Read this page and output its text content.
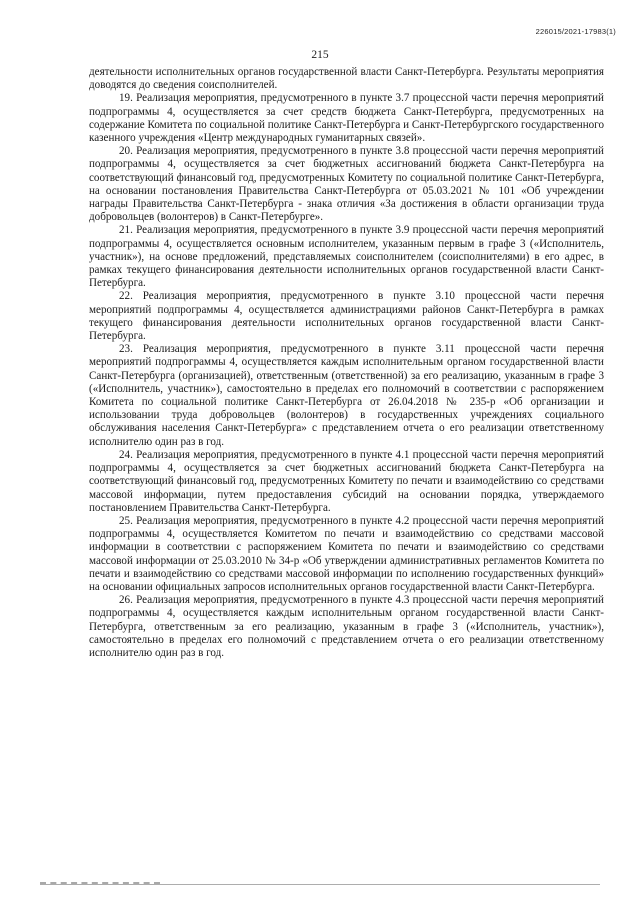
226015/2021-17983(1)
215

деятельности исполнительных органов государственной власти Санкт-Петербурга. Результаты мероприятия доводятся до сведения соисполнителей.

19. Реализация мероприятия, предусмотренного в пункте 3.7 процессной части перечня мероприятий подпрограммы 4, осуществляется за счет средств бюджета Санкт-Петербурга, предусмотренных на содержание Комитета по социальной политике Санкт-Петербурга и Санкт-Петербургского государственного казенного учреждения «Центр международных гуманитарных связей».

20. Реализация мероприятия, предусмотренного в пункте 3.8 процессной части перечня мероприятий подпрограммы 4, осуществляется за счет бюджетных ассигнований бюджета Санкт-Петербурга на соответствующий финансовый год, предусмотренных Комитету по социальной политике Санкт-Петербурга, на основании постановления Правительства Санкт-Петербурга от 05.03.2021 № 101 «Об учреждении награды Правительства Санкт-Петербурга - знака отличия «За достижения в области организации труда добровольцев (волонтеров) в Санкт-Петербурге».

21. Реализация мероприятия, предусмотренного в пункте 3.9 процессной части перечня мероприятий подпрограммы 4, осуществляется основным исполнителем, указанным первым в графе 3 («Исполнитель, участник»), на основе предложений, представляемых соисполнителем (соисполнителями) в его адрес, в рамках текущего финансирования деятельности исполнительных органов государственной власти Санкт-Петербурга.

22. Реализация мероприятия, предусмотренного в пункте 3.10 процессной части перечня мероприятий подпрограммы 4, осуществляется администрациями районов Санкт-Петербурга в рамках текущего финансирования деятельности исполнительных органов государственной власти Санкт-Петербурга.

23. Реализация мероприятия, предусмотренного в пункте 3.11 процессной части перечня мероприятий подпрограммы 4, осуществляется каждым исполнительным органом государственной власти Санкт-Петербурга (организацией), ответственным (ответственной) за его реализацию, указанным в графе 3 («Исполнитель, участник»), самостоятельно в пределах его полномочий в соответствии с распоряжением Комитета по социальной политике Санкт-Петербурга от 26.04.2018 № 235-р «Об организации и использовании труда добровольцев (волонтеров) в государственных учреждениях социального обслуживания населения Санкт-Петербурга» с представлением отчета о его реализации ответственному исполнителю один раз в год.

24. Реализация мероприятия, предусмотренного в пункте 4.1 процессной части перечня мероприятий подпрограммы 4, осуществляется за счет бюджетных ассигнований бюджета Санкт-Петербурга на соответствующий финансовый год, предусмотренных Комитету по печати и взаимодействию со средствами массовой информации, путем предоставления субсидий на основании порядка, утверждаемого постановлением Правительства Санкт-Петербурга.

25. Реализация мероприятия, предусмотренного в пункте 4.2 процессной части перечня мероприятий подпрограммы 4, осуществляется Комитетом по печати и взаимодействию со средствами массовой информации в соответствии с распоряжением Комитета по печати и взаимодействию со средствами массовой информации от 25.03.2010 № 34-р «Об утверждении административных регламентов Комитета по печати и взаимодействию со средствами массовой информации по исполнению государственных функций» на основании официальных запросов исполнительных органов государственной власти Санкт-Петербурга.

26. Реализация мероприятия, предусмотренного в пункте 4.3 процессной части перечня мероприятий подпрограммы 4, осуществляется каждым исполнительным органом государственной власти Санкт-Петербурга, ответственным за его реализацию, указанным в графе 3 («Исполнитель, участник»), самостоятельно в пределах его полномочий с представлением отчета о его реализации ответственному исполнителю один раз в год.
